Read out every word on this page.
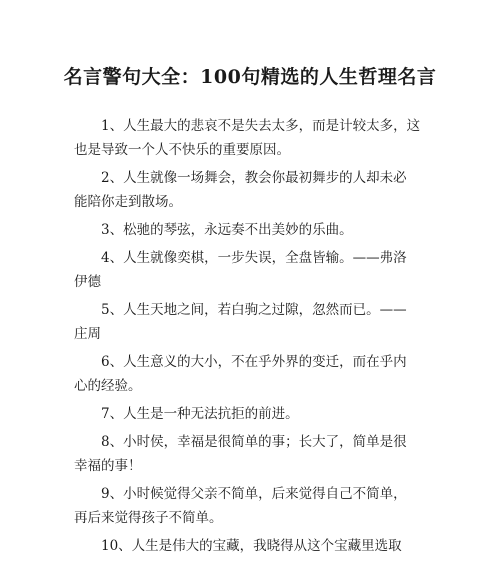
名言警句大全：100句精选的人生哲理名言
1、人生最大的悲哀不是失去太多，而是计较太多，这
也是导致一个人不快乐的重要原因。
2、人生就像一场舞会，教会你最初舞步的人却未必
能陪你走到散场。
3、松驰的琴弦，永远奏不出美妙的乐曲。
4、人生就像奕棋，一步失误，全盘皆输。——弗洛
伊德
5、人生天地之间，若白驹之过隙，忽然而已。——
庄周
6、人生意义的大小，不在乎外界的变迁，而在乎内
心的经验。
7、人生是一种无法抗拒的前进。
8、小时侯，幸福是很简单的事；长大了，简单是很
幸福的事！
9、小时候觉得父亲不简单，后来觉得自己不简单，
再后来觉得孩子不简单。
10、人生是伟大的宝藏，我晓得从这个宝藏里选取
